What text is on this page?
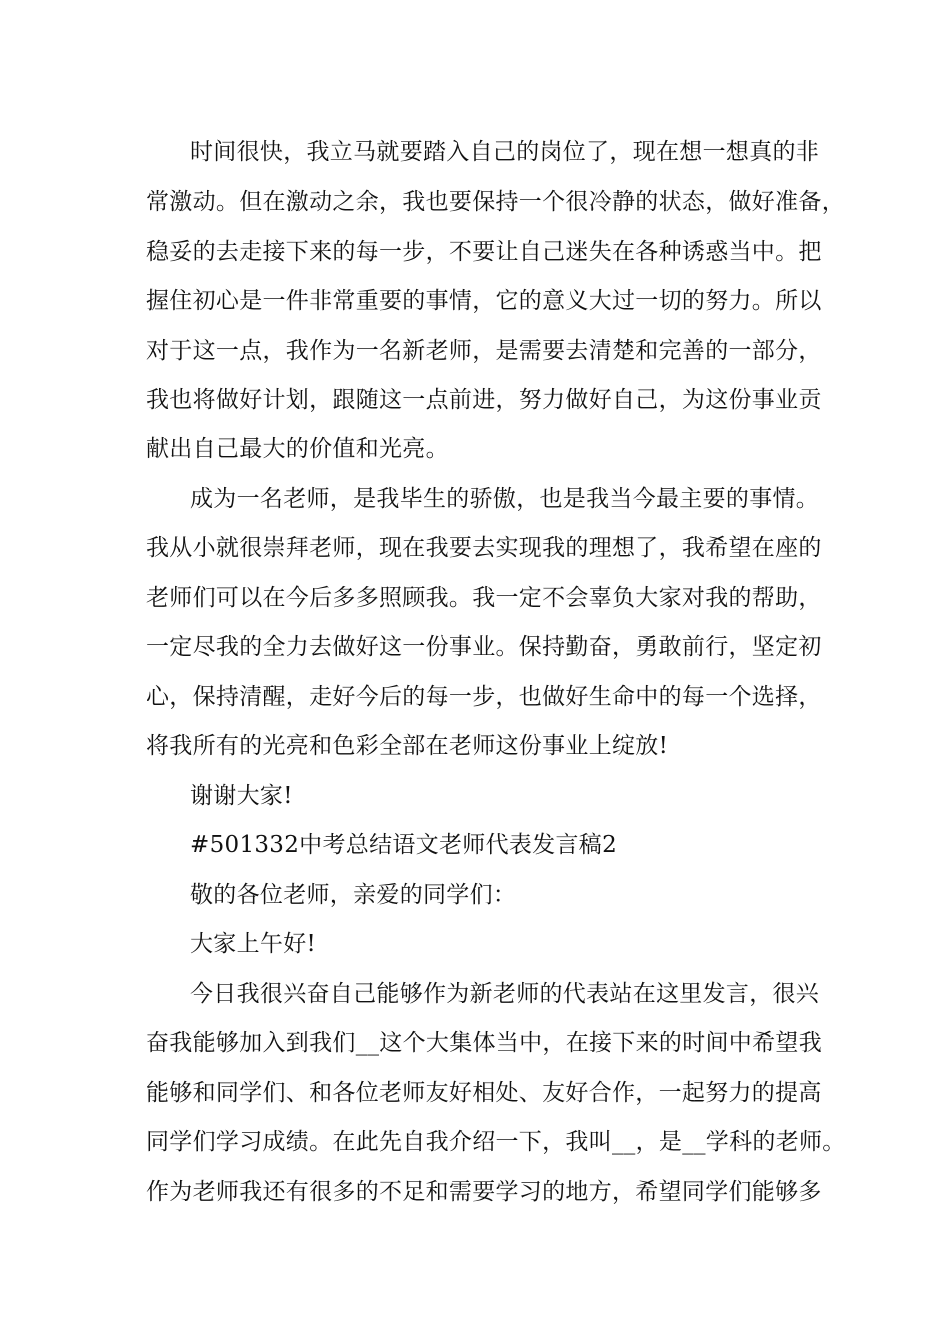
时间很快，我立马就要踏入自己的岗位了，现在想一想真的非
常激动。但在激动之余，我也要保持一个很冷静的状态，做好准备，
稳妥的去走接下来的每一步，不要让自己迷失在各种诱惑当中。把
握住初心是一件非常重要的事情，它的意义大过一切的努力。所以
对于这一点，我作为一名新老师，是需要去清楚和完善的一部分，
我也将做好计划，跟随这一点前进，努力做好自己，为这份事业贡
献出自己最大的价值和光亮。
成为一名老师，是我毕生的骄傲，也是我当今最主要的事情。
我从小就很崇拜老师，现在我要去实现我的理想了，我希望在座的
老师们可以在今后多多照顾我。我一定不会辜负大家对我的帮助，
一定尽我的全力去做好这一份事业。保持勤奋，勇敢前行，坚定初
心，保持清醒，走好今后的每一步，也做好生命中的每一个选择，
将我所有的光亮和色彩全部在老师这份事业上绽放!
谢谢大家!
#501332中考总结语文老师代表发言稿2
敬的各位老师，亲爱的同学们：
大家上午好!
今日我很兴奋自己能够作为新老师的代表站在这里发言，很兴
奋我能够加入到我们__这个大集体当中，在接下来的时间中希望我
能够和同学们、和各位老师友好相处、友好合作，一起努力的提高
同学们学习成绩。在此先自我介绍一下，我叫__，是__学科的老师。
作为老师我还有很多的不足和需要学习的地方，希望同学们能够多
